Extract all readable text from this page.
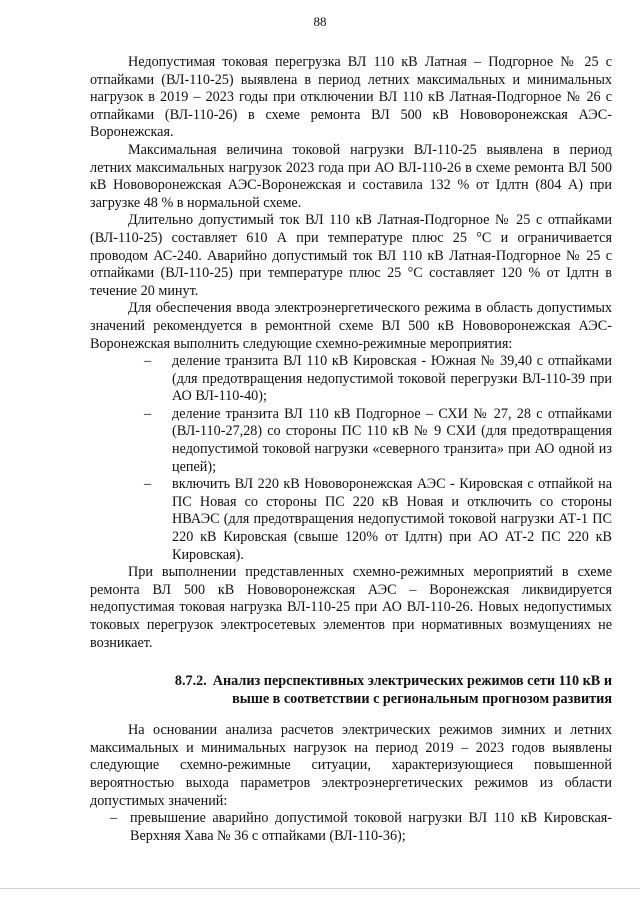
88

Недопустимая токовая перегрузка ВЛ 110 кВ Латная – Подгорное № 25 с отпайками (ВЛ-110-25) выявлена в период летних максимальных и минимальных нагрузок в 2019 – 2023 годы при отключении ВЛ 110 кВ Латная-Подгорное № 26 с отпайками (ВЛ-110-26) в схеме ремонта ВЛ 500 кВ Нововоронежская АЭС-Воронежская.

Максимальная величина токовой нагрузки ВЛ-110-25 выявлена в период летних максимальных нагрузок 2023 года при АО ВЛ-110-26 в схеме ремонта ВЛ 500 кВ Нововоронежская АЭС-Воронежская и составила 132 % от Iдлтн (804 А) при загрузке 48 % в нормальной схеме.

Длительно допустимый ток ВЛ 110 кВ Латная-Подгорное № 25 с отпайками (ВЛ-110-25) составляет 610 А при температуре плюс 25 °С и ограничивается проводом АС-240. Аварийно допустимый ток ВЛ 110 кВ Латная-Подгорное № 25 с отпайками (ВЛ-110-25) при температуре плюс 25 °С составляет 120 % от Iдлтн в течение 20 минут.

Для обеспечения ввода электроэнергетического режима в область допустимых значений рекомендуется в ремонтной схеме ВЛ 500 кВ Нововоронежская АЭС-Воронежская выполнить следующие схемно-режимные мероприятия:

– деление транзита ВЛ 110 кВ Кировская - Южная № 39,40 с отпайками (для предотвращения недопустимой токовой перегрузки ВЛ-110-39 при АО ВЛ-110-40);
– деление транзита ВЛ 110 кВ Подгорное – СХИ № 27, 28 с отпайками (ВЛ-110-27,28) со стороны ПС 110 кВ № 9 СХИ (для предотвращения недопустимой токовой нагрузки «северного транзита» при АО одной из цепей);
– включить ВЛ 220 кВ Нововоронежская АЭС - Кировская с отпайкой на ПС Новая со стороны ПС 220 кВ Новая и отключить со стороны НВАЭС (для предотвращения недопустимой токовой нагрузки АТ-1 ПС 220 кВ Кировская (свыше 120% от Iдлтн) при АО АТ-2 ПС 220 кВ Кировская).

При выполнении представленных схемно-режимных мероприятий в схеме ремонта ВЛ 500 кВ Нововоронежская АЭС – Воронежская ликвидируется недопустимая токовая нагрузка ВЛ-110-25 при АО ВЛ-110-26. Новых недопустимых токовых перегрузок электросетевых элементов при нормативных возмущениях не возникает.

8.7.2. Анализ перспективных электрических режимов сети 110 кВ и выше в соответствии с региональным прогнозом развития

На основании анализа расчетов электрических режимов зимних и летних максимальных и минимальных нагрузок на период 2019 – 2023 годов выявлены следующие схемно-режимные ситуации, характеризующиеся повышенной вероятностью выхода параметров электроэнергетических режимов из области допустимых значений:

– превышение аварийно допустимой токовой нагрузки ВЛ 110 кВ Кировская-Верхняя Хава № 36 с отпайками (ВЛ-110-36);
